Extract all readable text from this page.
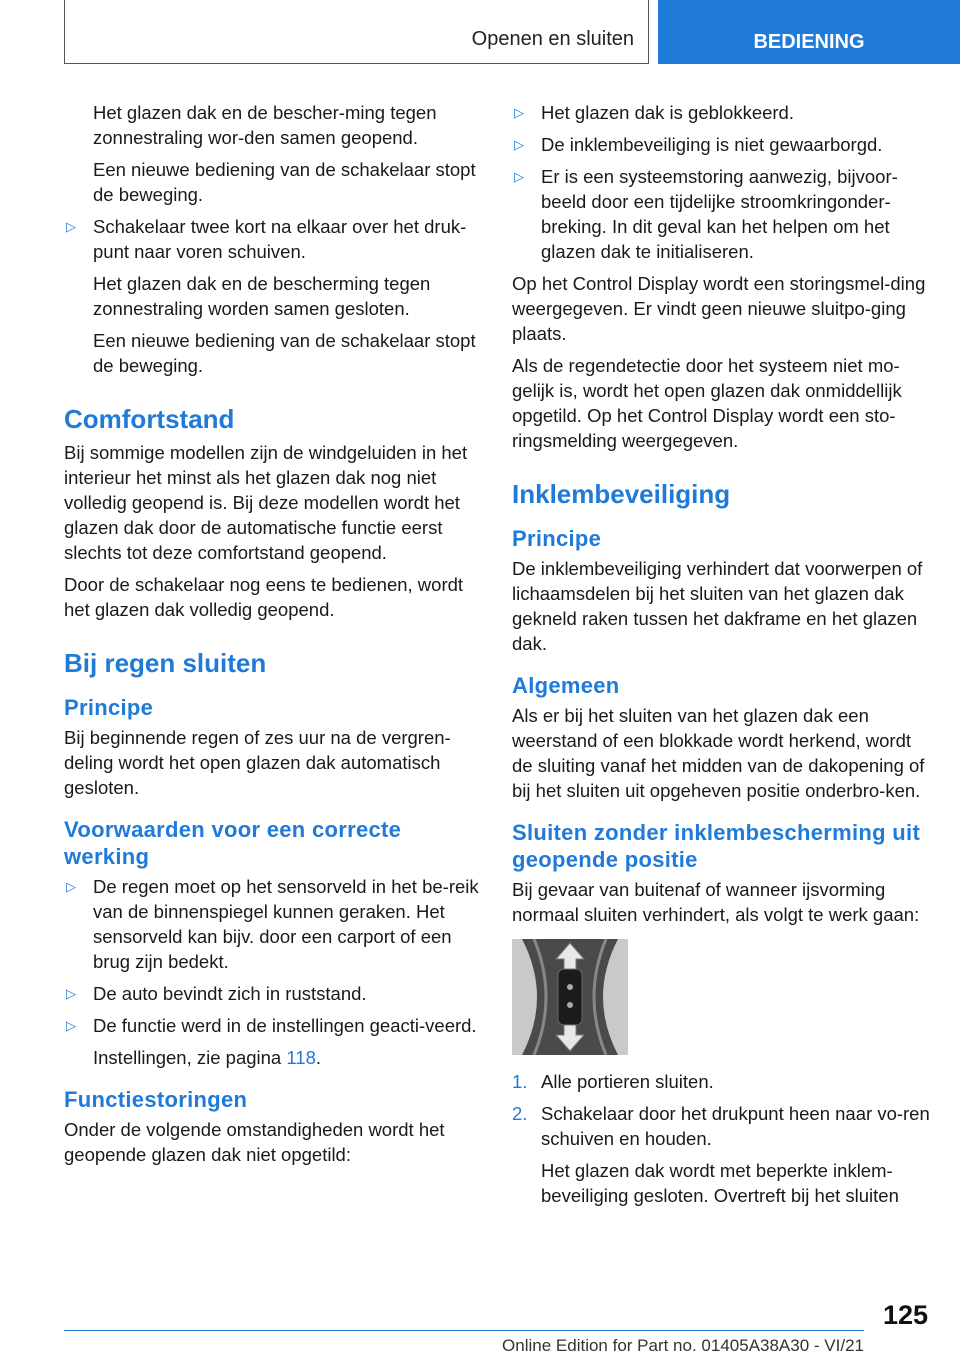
Openen en sluiten	BEDIENING

Het glazen dak en de bescher-ming tegen zonnestraling wor-den samen geopend.

Een nieuwe bediening van de schakelaar stopt de beweging.

▷ Schakelaar twee kort na elkaar over het druk-punt naar voren schuiven.

Het glazen dak en de bescherming tegen zonnestraling worden samen gesloten.

Een nieuwe bediening van de schakelaar stopt de beweging.

Comfortstand

Bij sommige modellen zijn de windgeluiden in het interieur het minst als het glazen dak nog niet volledig geopend is. Bij deze modellen wordt het glazen dak door de automatische functie eerst slechts tot deze comfortstand geopend.

Door de schakelaar nog eens te bedienen, wordt het glazen dak volledig geopend.

Bij regen sluiten
Principe

Bij beginnende regen of zes uur na de vergren-deling wordt het open glazen dak automatisch gesloten.

Voorwaarden voor een correcte werking
▷ De regen moet op het sensorveld in het be-reik van de binnenspiegel kunnen geraken. Het sensorveld kan bijv. door een carport of een brug zijn bedekt.
▷ De auto bevindt zich in ruststand.
▷ De functie werd in de instellingen geacti-veerd.

Instellingen, zie pagina 118.

Functiestoringen

Onder de volgende omstandigheden wordt het geopende glazen dak niet opgetild:

▷ Het glazen dak is geblokkeerd.
▷ De inklembeveiliging is niet gewaarborgd.
▷ Er is een systeemstoring aanwezig, bijvoor-beeld door een tijdelijke stroomkringonder-breking. In dit geval kan het helpen om het glazen dak te initialiseren.

Op het Control Display wordt een storingsmel-ding weergegeven. Er vindt geen nieuwe sluitpo-ging plaats.

Als de regendetectie door het systeem niet mo-gelijk is, wordt het open glazen dak onmiddellijk opgetild. Op het Control Display wordt een sto-ringsmelding weergegeven.

Inklembeveiliging
Principe

De inklembeveiliging verhindert dat voorwerpen of lichaamsdelen bij het sluiten van het glazen dak gekneld raken tussen het dakframe en het glazen dak.

Algemeen

Als er bij het sluiten van het glazen dak een weerstand of een blokkade wordt herkend, wordt de sluiting vanaf het midden van de dakopening of bij het sluiten uit opgeheven positie onderbro-ken.

Sluiten zonder inklembescherming uit geopende positie

Bij gevaar van buitenaf of wanneer ijsvorming normaal sluiten verhindert, als volgt te werk gaan:

1. Alle portieren sluiten.
2. Schakelaar door het drukpunt heen naar vo-ren schuiven en houden.

Het glazen dak wordt met beperkte inklem-beveiliging gesloten. Overtreft bij het sluiten

125
Online Edition for Part no. 01405A38A30 - VI/21
